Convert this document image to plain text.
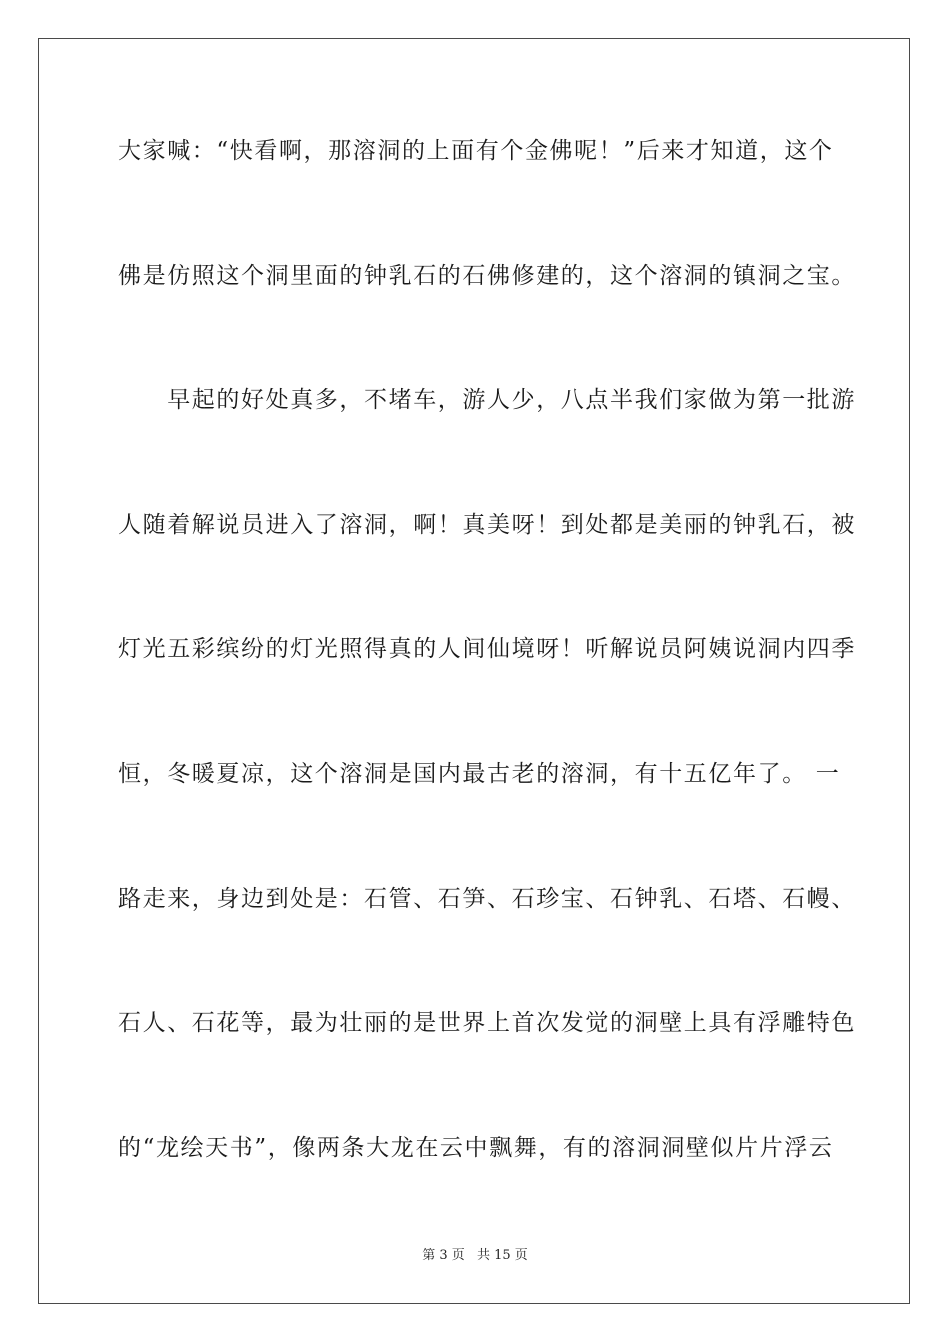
大家喊：“快看啊，那溶洞的上面有个金佛呢！”后来才知道，这个
佛是仿照这个洞里面的钟乳石的石佛修建的，这个溶洞的镇洞之宝。
　　早起的好处真多，不堵车，游人少，八点半我们家做为第一批游
人随着解说员进入了溶洞，啊！真美呀！到处都是美丽的钟乳石，被
灯光五彩缤纷的灯光照得真的人间仙境呀！听解说员阿姨说洞内四季
恒，冬暖夏凉，这个溶洞是国内最古老的溶洞，有十五亿年了。 一
路走来，身边到处是：石管、石笋、石珍宝、石钟乳、石塔、石幔、
石人、石花等，最为壮丽的是世界上首次发觉的洞壁上具有浮雕特色
的“龙绘天书”，像两条大龙在云中飘舞，有的溶洞洞壁似片片浮云
第 3 页 共 15 页
